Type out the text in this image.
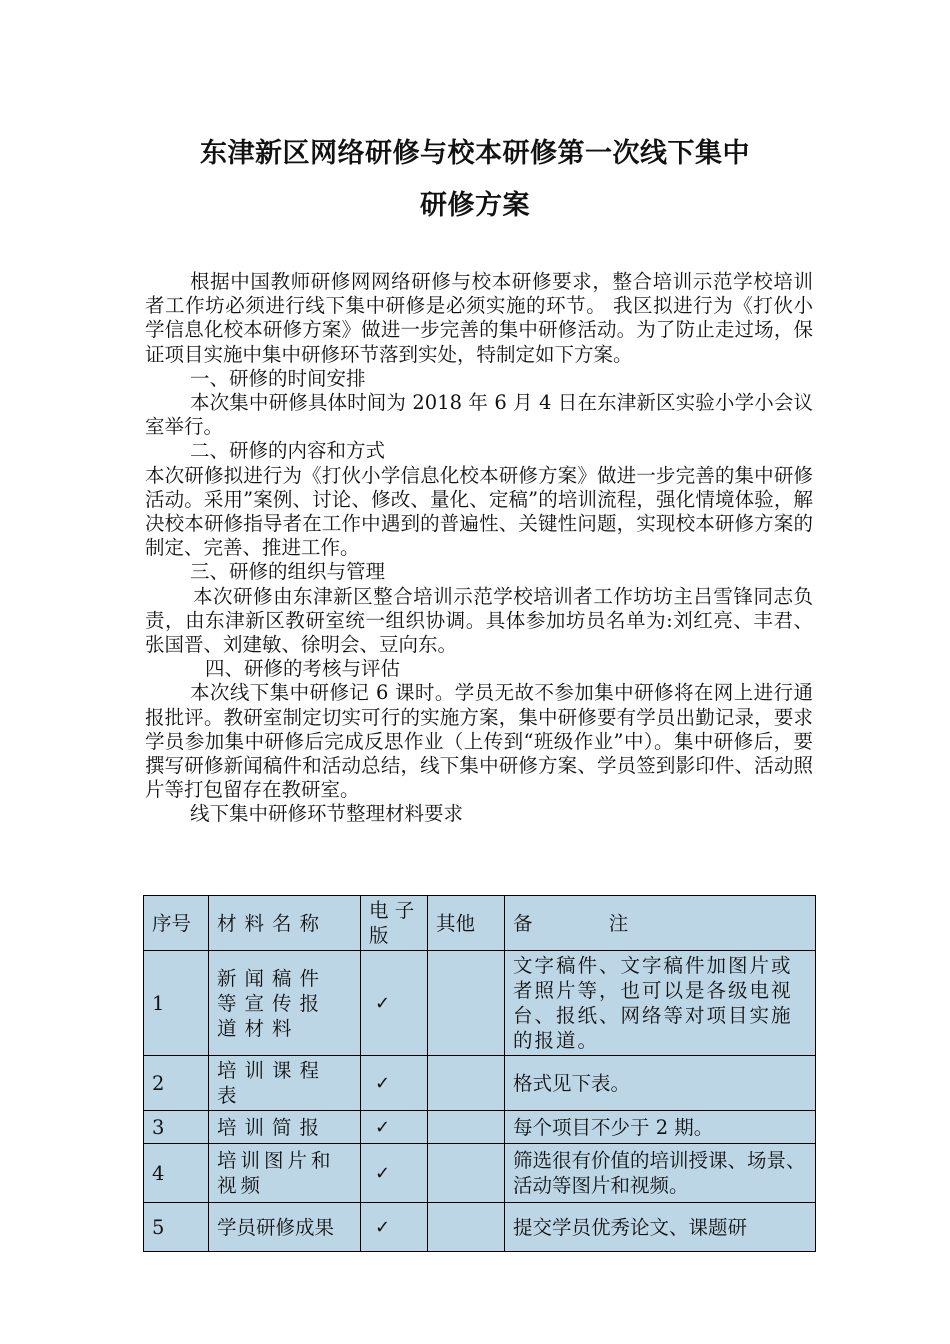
东津新区网络研修与校本研修第一次线下集中
研修方案

根据中国教师研修网网络研修与校本研修要求，整合培训示范学校培训者工作坊必须进行线下集中研修是必须实施的环节。 我区拟进行为《打伙小学信息化校本研修方案》做进一步完善的集中研修活动。为了防止走过场，保证项目实施中集中研修环节落到实处，特制定如下方案。

一、研修的时间安排

本次集中研修具体时间为 2018 年 6 月 4 日在东津新区实验小学小会议室举行。

二、研修的内容和方式

本次研修拟进行为《打伙小学信息化校本研修方案》做进一步完善的集中研修活动。采用”案例、讨论、修改、量化、定稿”的培训流程，强化情境体验，解决校本研修指导者在工作中遇到的普遍性、关键性问题，实现校本研修方案的制定、完善、推进工作。

三、研修的组织与管理

本次研修由东津新区整合培训示范学校培训者工作坊坊主吕雪锋同志负责，由东津新区教研室统一组织协调。具体参加坊员名单为:刘红亮、丰君、张国晋、刘建敏、徐明会、豆向东。

四、研修的考核与评估

本次线下集中研修记 6 课时。学员无故不参加集中研修将在网上进行通报批评。教研室制定切实可行的实施方案，集中研修要有学员出勤记录，要求学员参加集中研修后完成反思作业（上传到“班级作业”中）。集中研修后，要撰写研修新闻稿件和活动总结，线下集中研修方案、学员签到影印件、活动照片等打包留存在教研室。

线下集中研修环节整理材料要求

序号	材料名称	电 子 版	其他	备 注
1	新闻稿件等宣传报道材料	✓		文字稿件、文字稿件加图片或者照片等，也可以是各级电视台、报纸、网络等对项目实施的报道。
2	培训课程表	✓		格式见下表。
3	培训简报	✓		每个项目不少于 2 期。
4	培训图片和视频	✓		筛选很有价值的培训授课、场景、活动等图片和视频。
5	学员研修成果	✓		提交学员优秀论文、课题研
